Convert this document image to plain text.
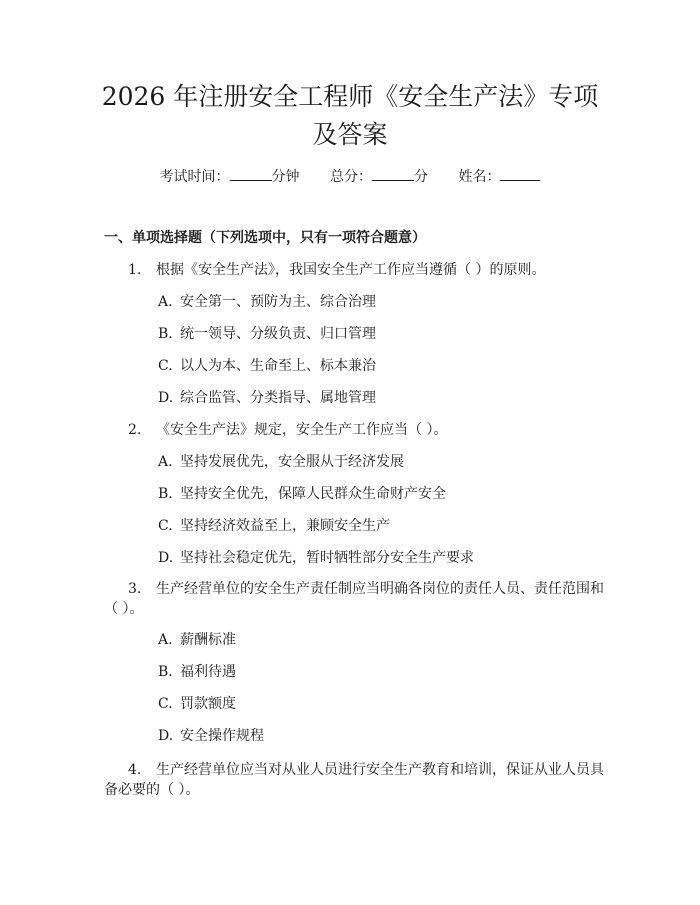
2026 年注册安全工程师《安全生产法》专项及答案
考试时间：	分钟 总分：	分 姓名：
一、单项选择题（下列选项中，只有一项符合题意）
1. 根据《安全生产法》，我国安全生产工作应当遵循（ ）的原则。
A. 安全第一、预防为主、综合治理
B. 统一领导、分级负责、归口管理
C. 以人为本、生命至上、标本兼治
D. 综合监管、分类指导、属地管理
2. 《安全生产法》规定，安全生产工作应当（ ）。
A. 坚持发展优先，安全服从于经济发展
B. 坚持安全优先，保障人民群众生命财产安全
C. 坚持经济效益至上，兼顾安全生产
D. 坚持社会稳定优先，暂时牺牲部分安全生产要求
3. 生产经营单位的安全生产责任制应当明确各岗位的责任人员、责任范围和（ ）。
A. 薪酬标准
B. 福利待遇
C. 罚款额度
D. 安全操作规程
4. 生产经营单位应当对从业人员进行安全生产教育和培训，保证从业人员具备必要的（ ）。
